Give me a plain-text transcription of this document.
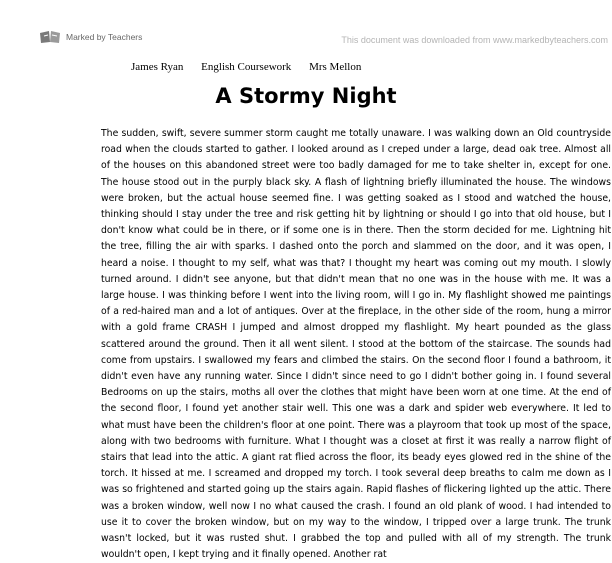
Marked by Teachers	This document was downloaded from www.markedbyteachers.com
James Ryan English Coursework Mrs Mellon
A Stormy Night
The sudden, swift, severe summer storm caught me totally unaware. I was walking down an Old countryside road when the clouds started to gather. I looked around as I creped under a large, dead oak tree. Almost all of the houses on this abandoned street were too badly damaged for me to take shelter in, except for one. The house stood out in the purply black sky. A flash of lightning briefly illuminated the house. The windows were broken, but the actual house seemed fine. I was getting soaked as I stood and watched the house, thinking should I stay under the tree and risk getting hit by lightning or should I go into that old house, but I don't know what could be in there, or if some one is in there. Then the storm decided for me. Lightning hit the tree, filling the air with sparks. I dashed onto the porch and slammed on the door, and it was open, I heard a noise. I thought to my self, what was that? I thought my heart was coming out my mouth. I slowly turned around. I didn't see anyone, but that didn't mean that no one was in the house with me. It was a large house. I was thinking before I went into the living room, will I go in. My flashlight showed me paintings of a red-haired man and a lot of antiques. Over at the fireplace, in the other side of the room, hung a mirror with a gold frame CRASH I jumped and almost dropped my flashlight. My heart pounded as the glass scattered around the ground. Then it all went silent. I stood at the bottom of the staircase. The sounds had come from upstairs. I swallowed my fears and climbed the stairs. On the second floor I found a bathroom, it didn't even have any running water. Since I didn't since need to go I didn't bother going in. I found several Bedrooms on up the stairs, moths all over the clothes that might have been worn at one time. At the end of the second floor, I found yet another stair well. This one was a dark and spider web everywhere. It led to what must have been the children's floor at one point. There was a playroom that took up most of the space, along with two bedrooms with furniture. What I thought was a closet at first it was really a narrow flight of stairs that lead into the attic. A giant rat flied across the floor, its beady eyes glowed red in the shine of the torch. It hissed at me. I screamed and dropped my torch. I took several deep breaths to calm me down as I was so frightened and started going up the stairs again. Rapid flashes of flickering lighted up the attic. There was a broken window, well now I no what caused the crash. I found an old plank of wood. I had intended to use it to cover the broken window, but on my way to the window, I tripped over a large trunk. The trunk wasn't locked, but it was rusted shut. I grabbed the top and pulled with all of my strength. The trunk wouldn't open, I kept trying and it finally opened. Another rat
